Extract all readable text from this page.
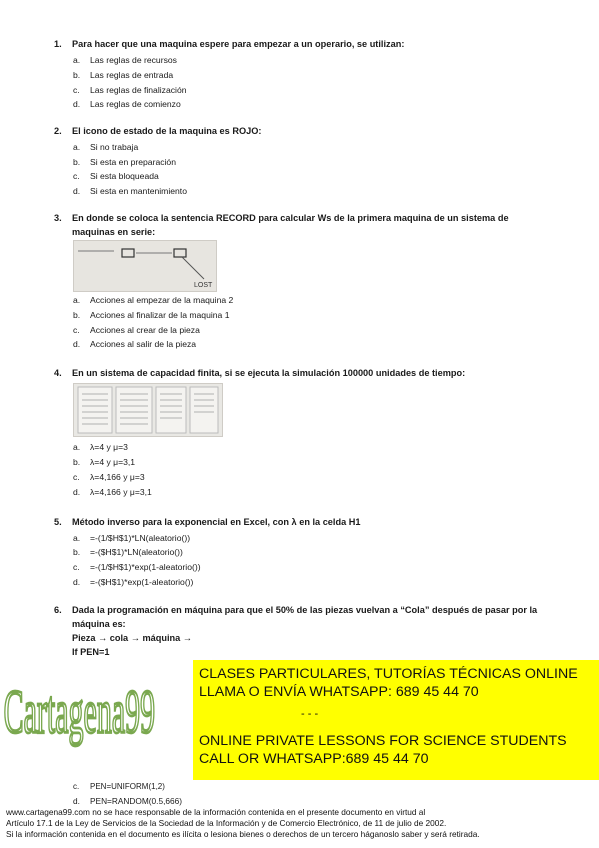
1. Para hacer que una maquina espere para empezar a un operario, se utilizan:
a. Las reglas de recursos
b. Las reglas de entrada
c. Las reglas de finalización
d. Las reglas de comienzo
2. El icono de estado de la maquina es ROJO:
a. Si no trabaja
b. Si esta en preparación
c. Si esta bloqueada
d. Si esta en mantenimiento
3. En donde se coloca la sentencia RECORD para calcular Ws de la primera maquina de un sistema de
maquinas en serie:
LOST
a. Acciones al empezar de la maquina 2
b. Acciones al finalizar de la maquina 1
c. Acciones al crear de la pieza
d. Acciones al salir de la pieza
4. En un sistema de capacidad finita, si se ejecuta la simulación 100000 unidades de tiempo:
a. λ=4 y μ=3
b. λ=4 y μ=3,1
c. λ=4,166 y μ=3
d. λ=4,166 y μ=3,1
5. Método inverso para la exponencial en Excel, con λ en la celda H1
a. =-(1/$H$1)*LN(aleatorio())
b. =-($H$1)*LN(aleatorio())
c. =-(1/$H$1)*exp(1-aleatorio())
d. =-($H$1)*exp(1-aleatorio())
6. Dada la programación en máquina para que el 50% de las piezas vuelvan a “Cola” después de pasar por la
máquina es:
Pieza → cola → máquina →
If PEN=1
Cartagena99
CLASES PARTICULARES, TUTORÍAS TÉCNICAS ONLINE
LLAMA O ENVÍA WHATSAPP: 689 45 44 70
- - -
ONLINE PRIVATE LESSONS FOR SCIENCE STUDENTS
CALL OR WHATSAPP:689 45 44 70
c. PEN=UNIFORM(1,2)
d. PEN=RANDOM(0.5,666)
www.cartagena99.com no se hace responsable de la información contenida en el presente documento en virtud al
Artículo 17.1 de la Ley de Servicios de la Sociedad de la Información y de Comercio Electrónico, de 11 de julio de 2002.
Si la información contenida en el documento es ilícita o lesiona bienes o derechos de un tercero háganoslo saber y será retirada.
